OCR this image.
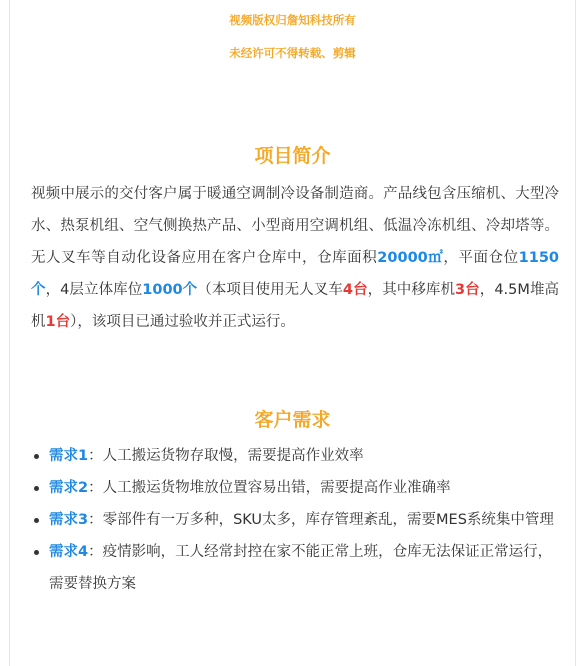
视频版权归詹知科技所有
未经许可不得转载、剪辑
项目简介

视频中展示的交付客户属于暖通空调制冷设备制造商。产品线包含压缩机、大型冷水、热泵机组、空气侧换热产品、小型商用空调机组、低温冷冻机组、冷却塔等。无人叉车等自动化设备应用在客户仓库中，仓库面积20000㎡，平面仓位1150个，4层立体库位1000个（本项目使用无人叉车4台，其中移库机3台，4.5M堆高机1台），该项目已通过验收并正式运行。

客户需求
需求1：人工搬运货物存取慢，需要提高作业效率
需求2：人工搬运货物堆放位置容易出错，需要提高作业准确率
需求3：零部件有一万多种，SKU太多，库存管理紊乱，需要MES系统集中管理
需求4：疫情影响，工人经常封控在家不能正常上班，仓库无法保证正常运行，需要替换方案
